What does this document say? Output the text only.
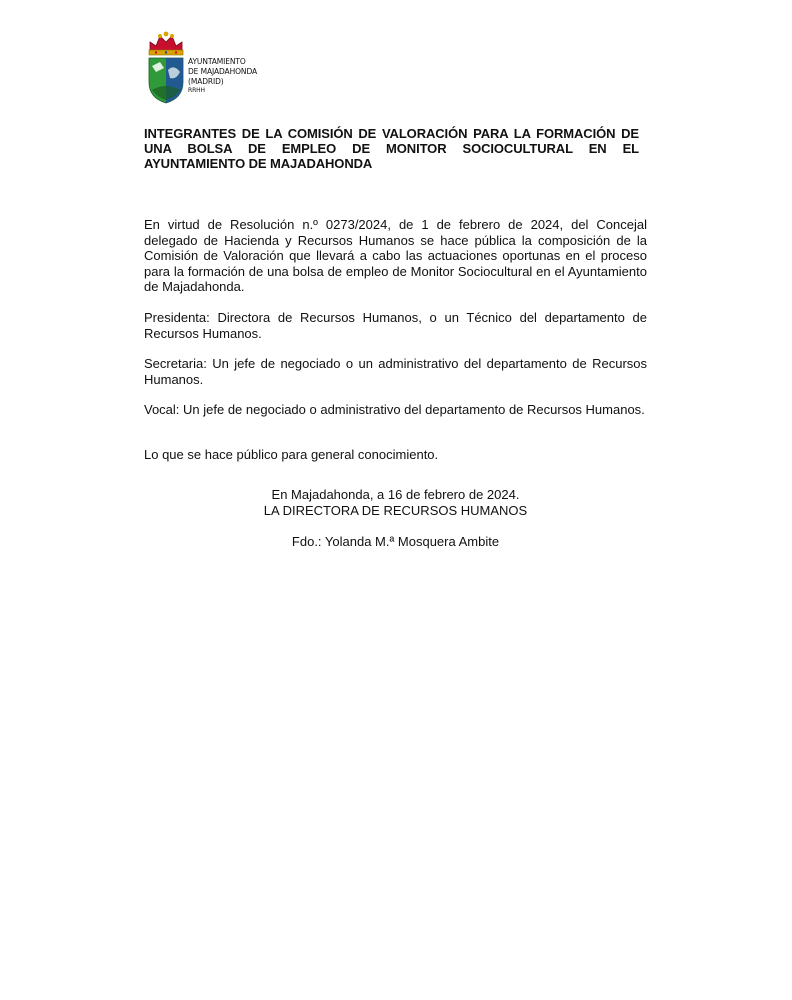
AYUNTAMIENTO
DE MAJADAHONDA
(MADRID)
RRHH
INTEGRANTES DE LA COMISIÓN DE VALORACIÓN PARA LA FORMACIÓN DE UNA BOLSA DE EMPLEO DE MONITOR SOCIOCULTURAL EN EL AYUNTAMIENTO DE MAJADAHONDA

En virtud de Resolución n.º 0273/2024, de 1 de febrero de 2024, del Concejal delegado de Hacienda y Recursos Humanos se hace pública la composición de la Comisión de Valoración que llevará a cabo las actuaciones oportunas en el proceso para la formación de una bolsa de empleo de Monitor Sociocultural en el Ayuntamiento de Majadahonda.

Presidenta: Directora de Recursos Humanos, o un Técnico del departamento de Recursos Humanos.

Secretaria: Un jefe de negociado o un administrativo del departamento de Recursos Humanos.

Vocal: Un jefe de negociado o administrativo del departamento de Recursos Humanos.

Lo que se hace público para general conocimiento.

En Majadahonda, a 16 de febrero de 2024.
LA DIRECTORA DE RECURSOS HUMANOS
Fdo.: Yolanda M.ª Mosquera Ambite
